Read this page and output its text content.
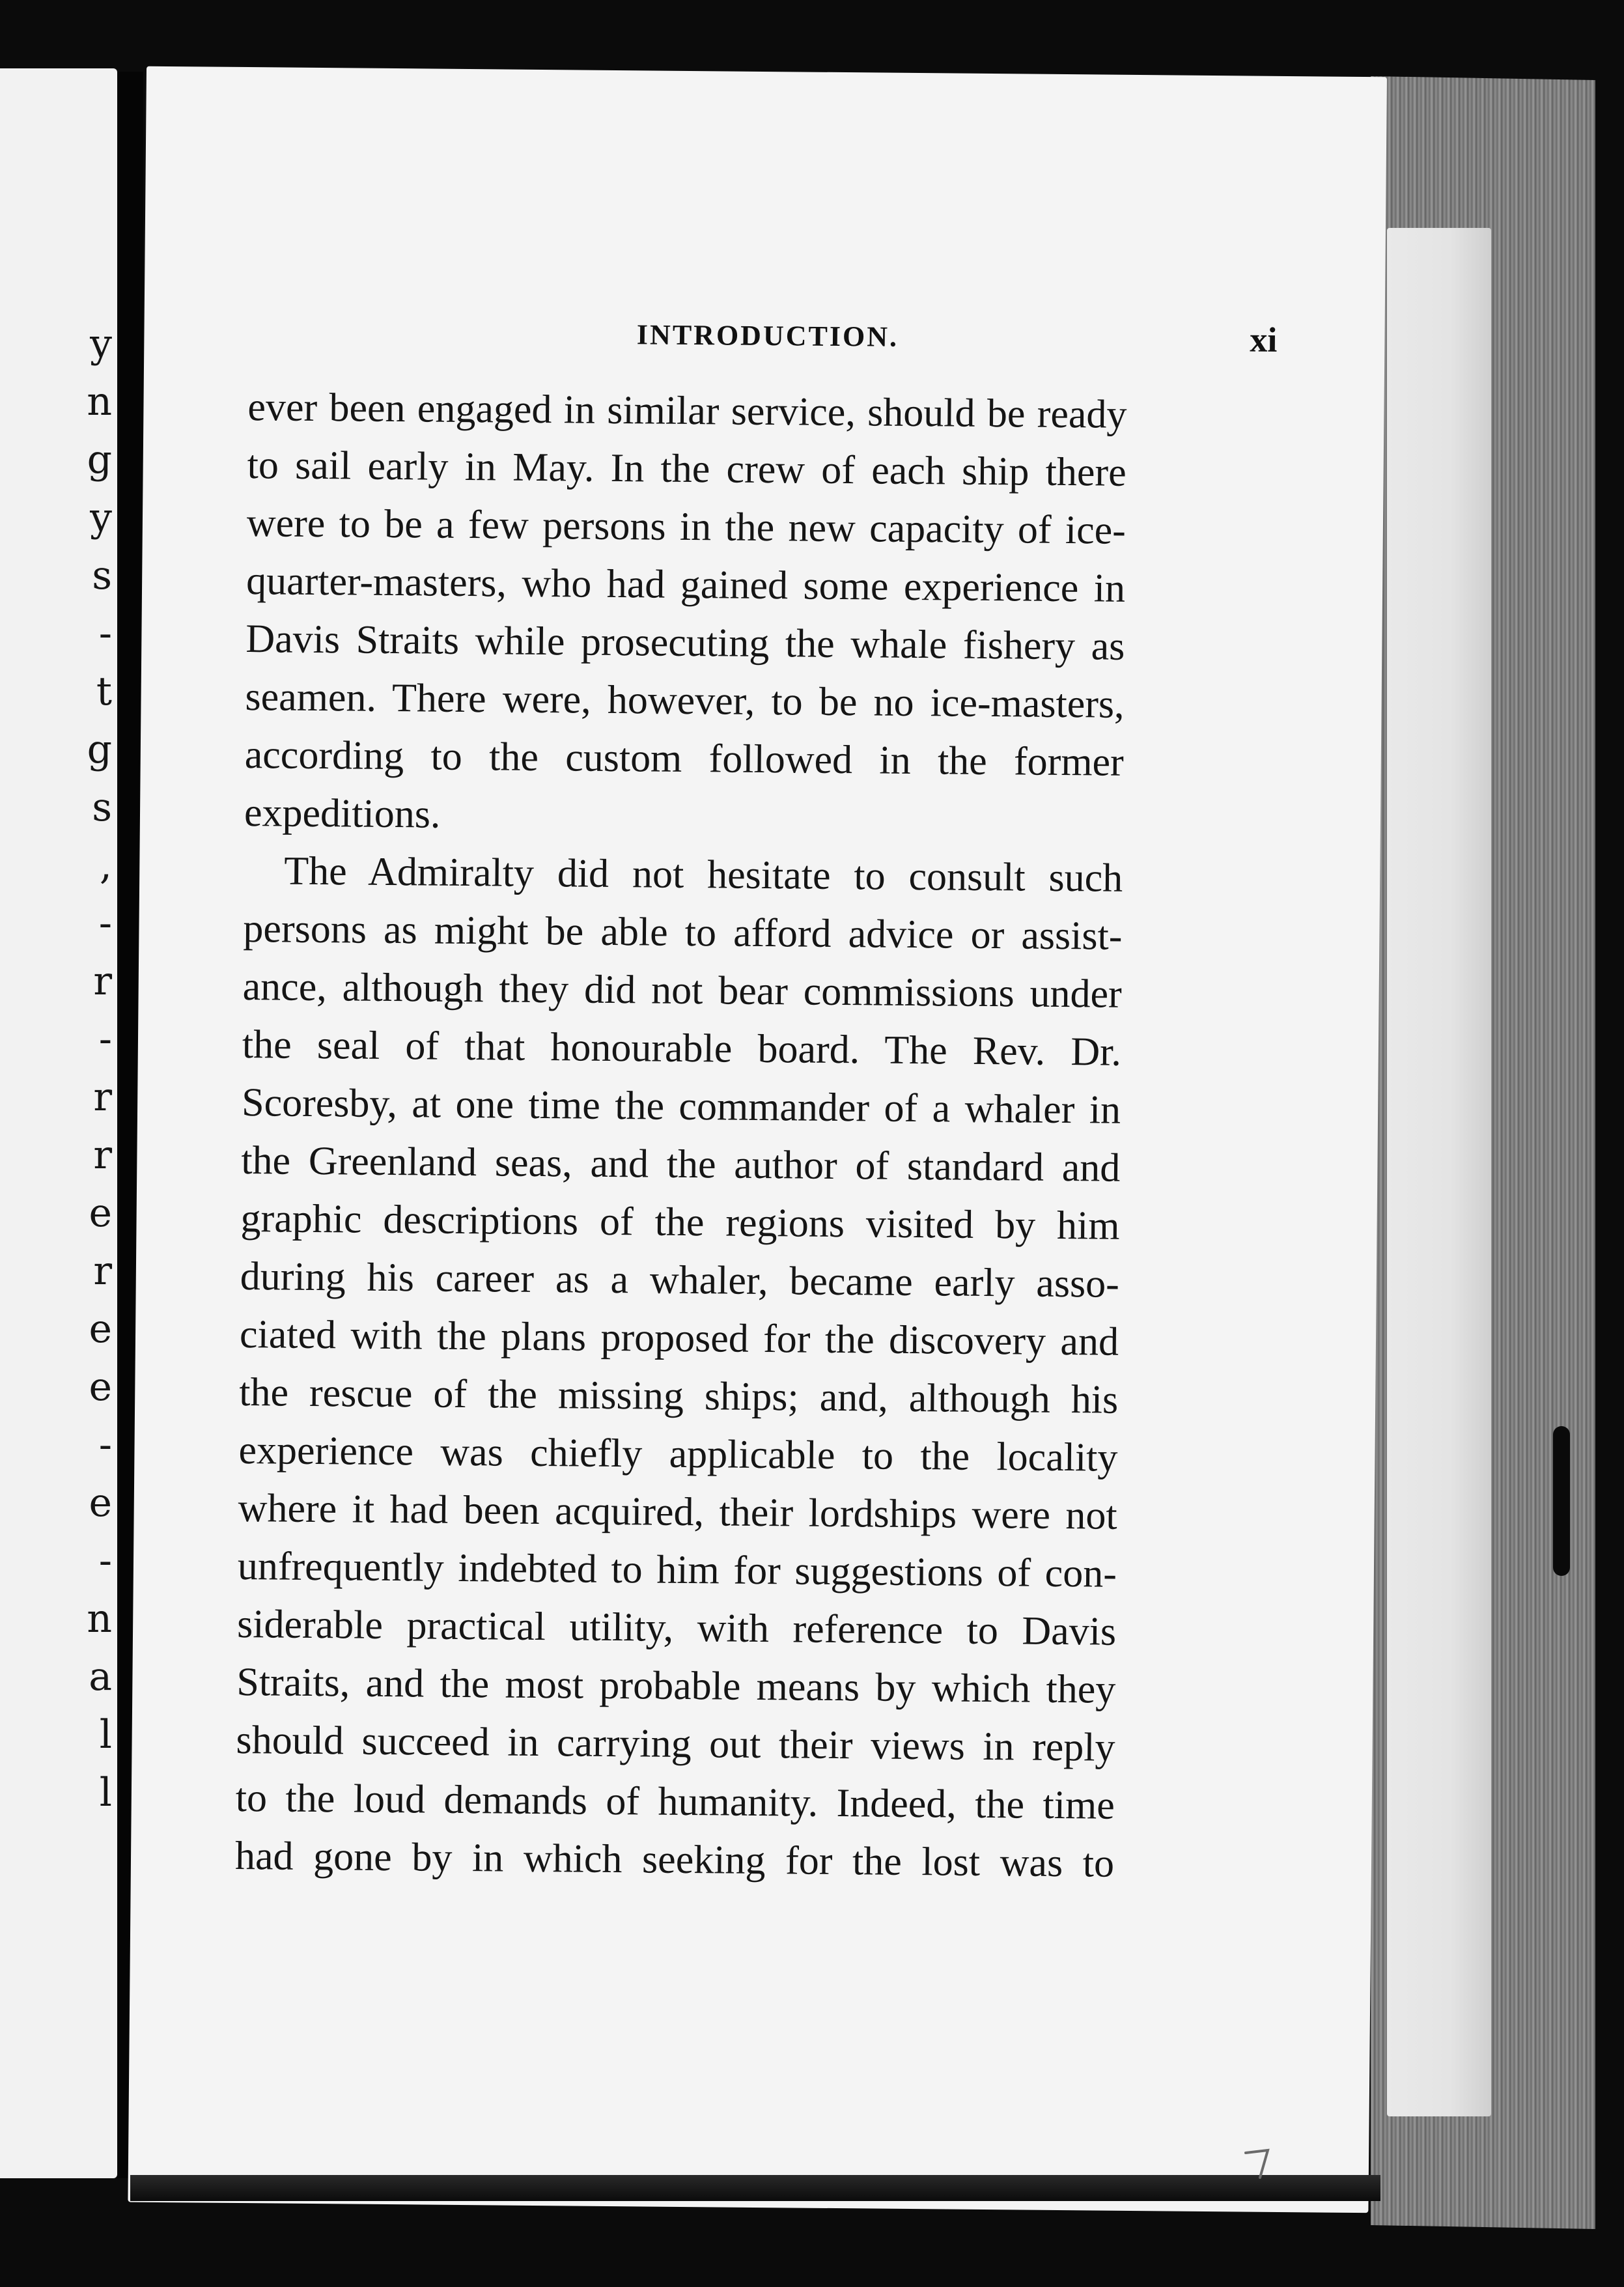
y
n
g
y
s
-
t
g
s
,
-
r
-
r
r
e
r
e
e
-
e
-
n
a
l
l
INTRODUCTION.	xi
ever been engaged in similar service, should be ready
to sail early in May. In the crew of each ship there
were to be a few persons in the new capacity of ice-
quarter-masters, who had gained some experience in
Davis Straits while prosecuting the whale fishery as
seamen. There were, however, to be no ice-masters,
according to the custom followed in the former
expeditions.
The Admiralty did not hesitate to consult such
persons as might be able to afford advice or assist-
ance, although they did not bear commissions under
the seal of that honourable board. The Rev. Dr.
Scoresby, at one time the commander of a whaler in
the Greenland seas, and the author of standard and
graphic descriptions of the regions visited by him
during his career as a whaler, became early asso-
ciated with the plans proposed for the discovery and
the rescue of the missing ships; and, although his
experience was chiefly applicable to the locality
where it had been acquired, their lordships were not
unfrequently indebted to him for suggestions of con-
siderable practical utility, with reference to Davis
Straits, and the most probable means by which they
should succeed in carrying out their views in reply
to the loud demands of humanity. Indeed, the time
had gone by in which seeking for the lost was to
